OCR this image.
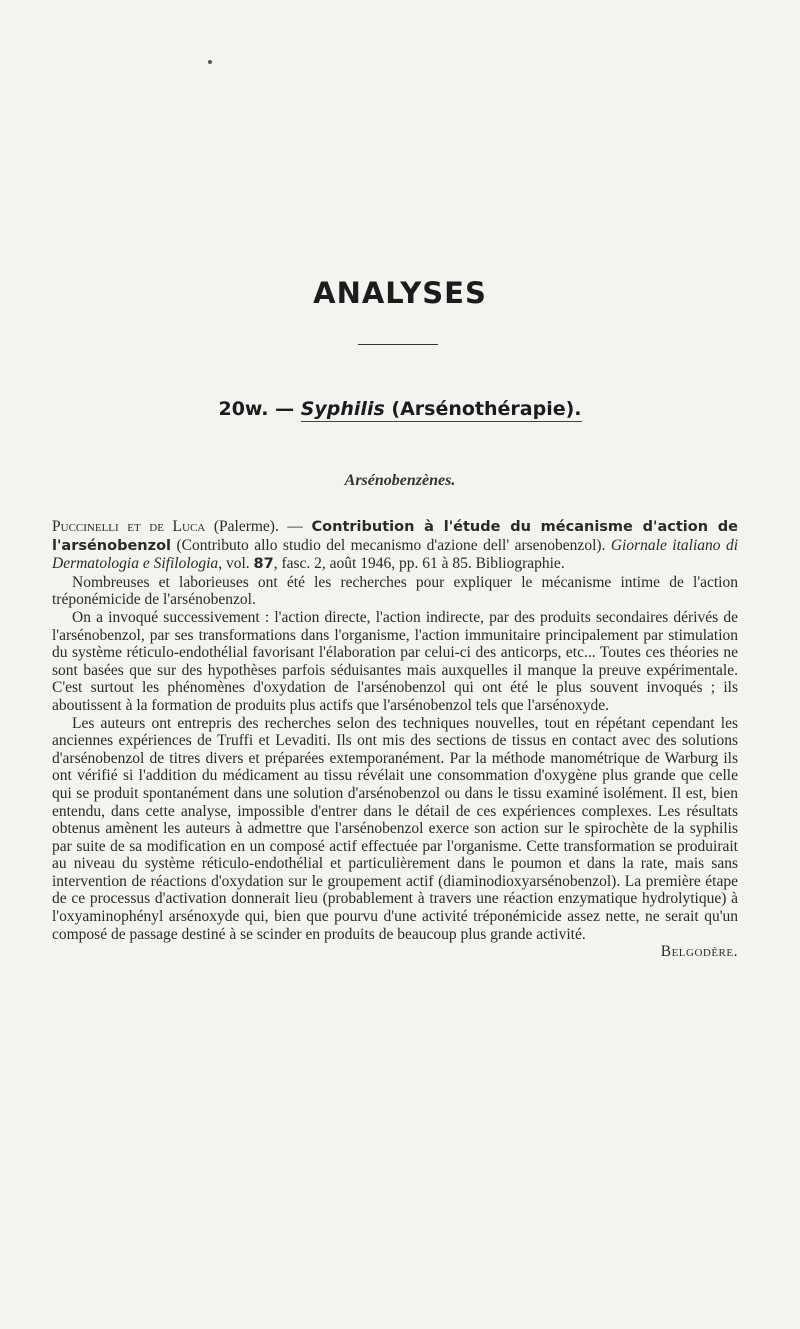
ANALYSES
20w. — Syphilis (Arsénothérapie).
Arsénobenzènes.

Puccinelli et de Luca (Palerme). — Contribution à l'étude du mécanisme d'action de l'arsénobenzol (Contributo allo studio del mecanismo d'azione dell' arsenobenzol). Giornale italiano di Dermatologia e Sifilologia, vol. 87, fasc. 2, août 1946, pp. 61 à 85. Bibliographie.

Nombreuses et laborieuses ont été les recherches pour expliquer le mécanisme intime de l'action tréponémicide de l'arsénobenzol.

On a invoqué successivement : l'action directe, l'action indirecte, par des produits secondaires dérivés de l'arsénobenzol, par ses transformations dans l'organisme, l'action immunitaire principalement par stimulation du système réticulo-endothélial favorisant l'élaboration par celui-ci des anticorps, etc... Toutes ces théories ne sont basées que sur des hypothèses parfois séduisantes mais auxquelles il manque la preuve expérimentale. C'est surtout les phénomènes d'oxydation de l'arsénobenzol qui ont été le plus souvent invoqués ; ils aboutissent à la formation de produits plus actifs que l'arsénobenzol tels que l'arsénoxyde.

Les auteurs ont entrepris des recherches selon des techniques nouvelles, tout en répétant cependant les anciennes expériences de Truffi et Levaditi. Ils ont mis des sections de tissus en contact avec des solutions d'arsénobenzol de titres divers et préparées extemporanément. Par la méthode manométrique de Warburg ils ont vérifié si l'addition du médicament au tissu révélait une consommation d'oxygène plus grande que celle qui se produit spontanément dans une solution d'arsénobenzol ou dans le tissu examiné isolément. Il est, bien entendu, dans cette analyse, impossible d'entrer dans le détail de ces expériences complexes. Les résultats obtenus amènent les auteurs à admettre que l'arsénobenzol exerce son action sur le spirochète de la syphilis par suite de sa modification en un composé actif effectuée par l'organisme. Cette transformation se produirait au niveau du système réticulo-endothélial et particulièrement dans le poumon et dans la rate, mais sans intervention de réactions d'oxydation sur le groupement actif (diaminodioxyarsénobenzol). La première étape de ce processus d'activation donnerait lieu (probablement à travers une réaction enzymatique hydrolytique) à l'oxyaminophényl arsénoxyde qui, bien que pourvu d'une activité tréponémicide assez nette, ne serait qu'un composé de passage destiné à se scinder en produits de beaucoup plus grande activité.

Belgodère.
